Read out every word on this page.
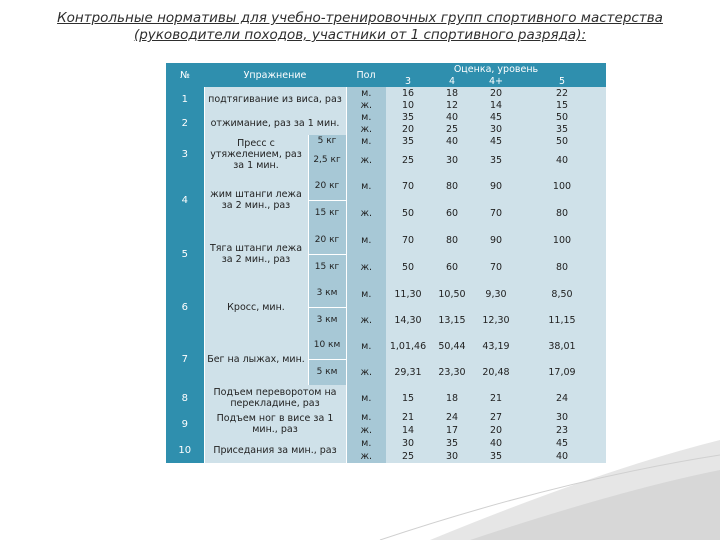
Контрольные нормативы для учебно-тренировочных групп спортивного мастерства
(руководители походов, участники от 1 спортивного разряда):
№	Упражнение		Пол	Оценка, уровень			
				3	4	4+	5
1	подтягивание из виса, раз		м.	16	18	20	22
			ж.	10	12	14	15
2	отжимание, раз за 1 мин.		м.	35	40	45	50
			ж.	20	25	30	35
3	Пресс с утяжелением, раз за 1 мин.	5 кг	м.	35	40	45	50
		2,5 кг	ж.	25	30	35	40
4	жим штанги лежа за 2 мин., раз	20 кг	м.	70	80	90	100
		15 кг	ж.	50	60	70	80
5	Тяга штанги лежа за 2 мин., раз	20 кг	м.	70	80	90	100
		15 кг	ж.	50	60	70	80
6	Кросс, мин.	3 км	м.	11,30	10,50	9,30	8,50
		3 км	ж.	14,30	13,15	12,30	11,15
7	Бег на лыжах, мин.	10 км	м.	1,01,46	50,44	43,19	38,01
		5 км	ж.	29,31	23,30	20,48	17,09
8	Подъем переворотом на перекладине, раз		м.	15	18	21	24
9	Подъем ног в висе за 1 мин., раз		м.	21	24	27	30
			ж.	14	17	20	23
10	Приседания за мин., раз		м.	30	35	40	45
			ж.	25	30	35	40
